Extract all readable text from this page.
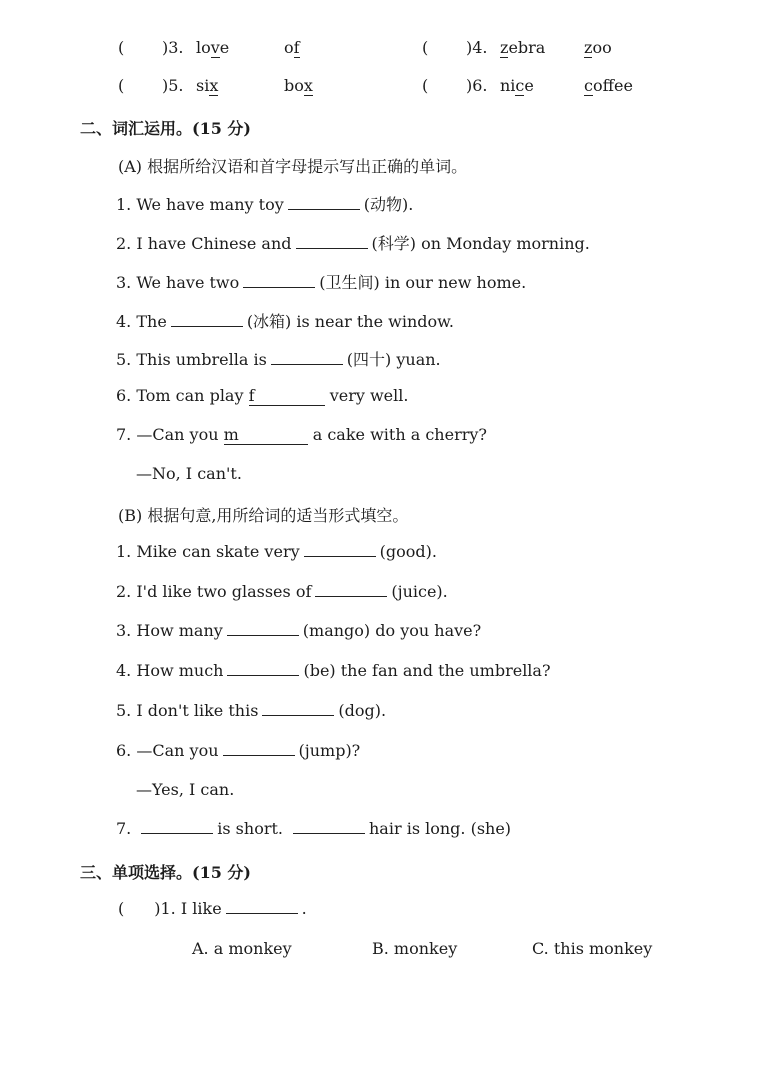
( )3. love	of	( )4. zebra zoo
( )5. six	box	( )6. nice	coffee
二、词汇运用。(15 分)
(A) 根据所给汉语和首字母提示写出正确的单词。
1. We have many toy	(动物).
2. I have Chinese and	(科学) on Monday morning.
3. We have two	(卫生间) in our new home.
4. The	(冰箱) is near the window.
5. This umbrella is	(四十) yuan.
6. Tom can play f	very well.
7. —Can you m	a cake with a cherry?
—No, I can't.
(B) 根据句意,用所给词的适当形式填空。
1. Mike can skate very	(good).
2. I'd like two glasses of	(juice).
3. How many	(mango) do you have?
4. How much	(be) the fan and the umbrella?
5. I don't like this	(dog).
6. —Can you	(jump)?
—Yes, I can.
7.	is short.	hair is long. (she)
三、单项选择。(15 分)
( )1. I like	.
A. a monkey	B. monkey	C. this monkey
